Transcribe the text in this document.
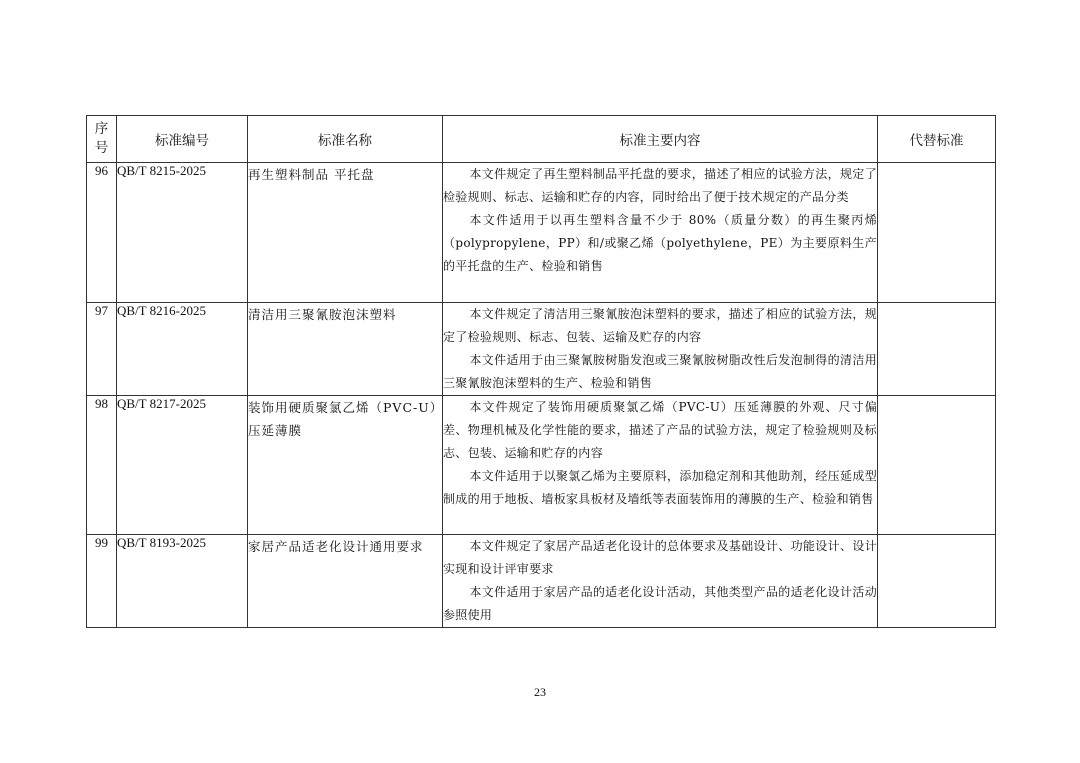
序
号	标准编号	标准名称	标准主要内容	代替标准
96	QB/T 8215-2025	再生塑料制品 平托盘	本文件规定了再生塑料制品平托盘的要求，描述了相应的试验方法，规定了检验规则、标志、运输和贮存的内容，同时给出了便于技术规定的产品分类

本文件适用于以再生塑料含量不少于 80%（质量分数）的再生聚丙烯（polypropylene，PP）和/或聚乙烯（polyethylene，PE）为主要原料生产的平托盘的生产、检验和销售	

97	QB/T 8216-2025	清洁用三聚氰胺泡沫塑料	本文件规定了清洁用三聚氰胺泡沫塑料的要求，描述了相应的试验方法，规定了检验规则、标志、包装、运输及贮存的内容

本文件适用于由三聚氰胺树脂发泡或三聚氰胺树脂改性后发泡制得的清洁用三聚氰胺泡沫塑料的生产、检验和销售	

98	QB/T 8217-2025	装饰用硬质聚氯乙烯（PVC-U）压延薄膜	本文件规定了装饰用硬质聚氯乙烯（PVC-U）压延薄膜的外观、尺寸偏差、物理机械及化学性能的要求，描述了产品的试验方法，规定了检验规则及标志、包装、运输和贮存的内容

本文件适用于以聚氯乙烯为主要原料，添加稳定剂和其他助剂，经压延成型制成的用于地板、墙板家具板材及墙纸等表面装饰用的薄膜的生产、检验和销售	

99	QB/T 8193-2025	家居产品适老化设计通用要求	本文件规定了家居产品适老化设计的总体要求及基础设计、功能设计、设计实现和设计评审要求

本文件适用于家居产品的适老化设计活动，其他类型产品的适老化设计活动参照使用	

23
